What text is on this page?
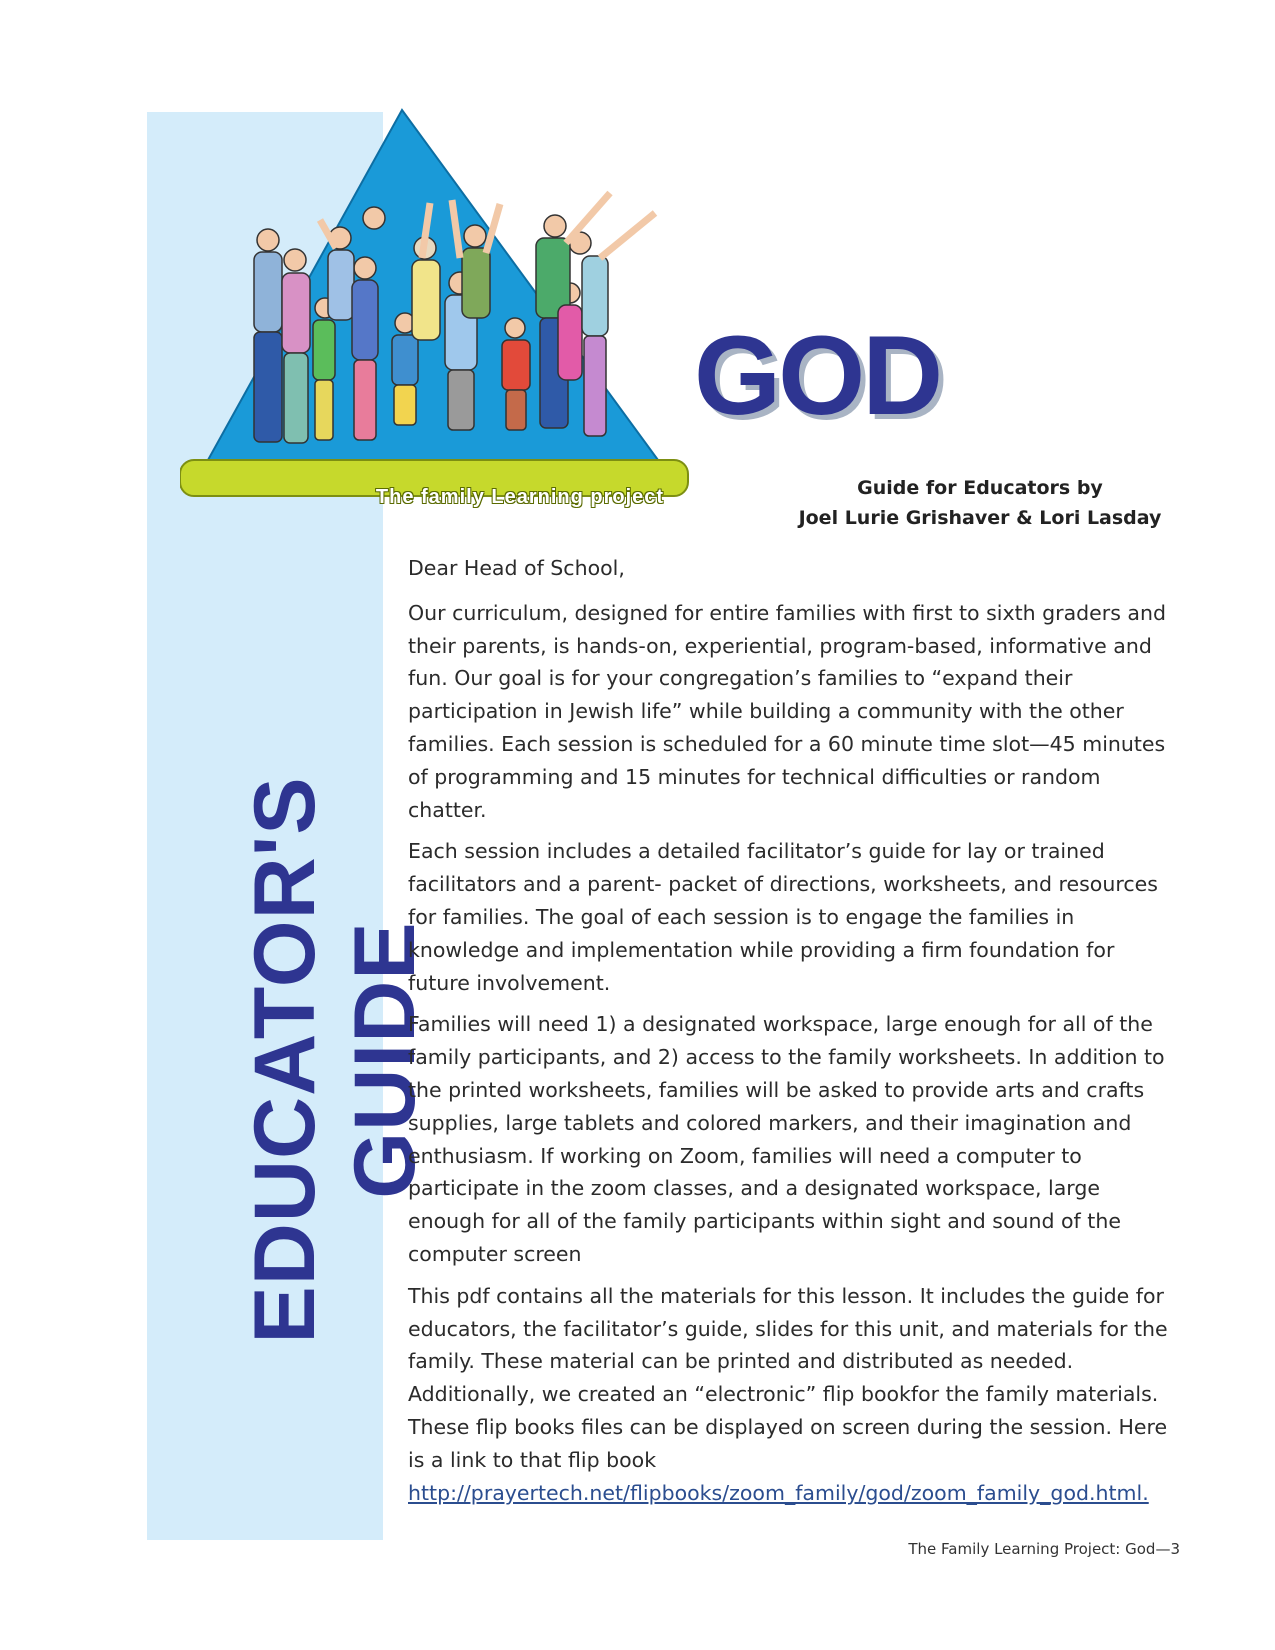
EDUCATOR'S GUIDE
The family Learning project
GOD
Guide for Educators by
Joel Lurie Grishaver & Lori Lasday

Dear Head of School,

Our curriculum, designed for entire families with first to sixth graders and their parents, is hands-on, experiential, program-based, informative and fun. Our goal is for your congregation’s families to “expand their participation in Jewish life” while building a community with the other families. Each session is scheduled for a 60 minute time slot—45 minutes of programming and 15 minutes for technical difficulties or random chatter.

Each session includes a detailed facilitator’s guide for lay or trained facilitators and a parent- packet of directions, worksheets, and resources for families. The goal of each session is to engage the families in knowledge and implementation while providing a firm foundation for future involvement.

Families will need 1) a designated workspace, large enough for all of the family participants, and 2) access to the family worksheets. In addition to the printed worksheets, families will be asked to provide arts and crafts supplies, large tablets and colored markers, and their imagination and enthusiasm. If working on Zoom, families will need a computer to participate in the zoom classes, and a designated workspace, large enough for all of the family participants within sight and sound of the computer screen

This pdf contains all the materials for this lesson. It includes the guide for educators, the facilitator’s guide, slides for this unit, and materials for the family. These material can be printed and distributed as needed. Additionally, we created an “electronic” flip bookfor the family materials. These flip books files can be displayed on screen during the session. Here is a link to that flip book http://prayertech.net/flipbooks/zoom_family/god/zoom_family_god.html.

The Family Learning Project: God—3
